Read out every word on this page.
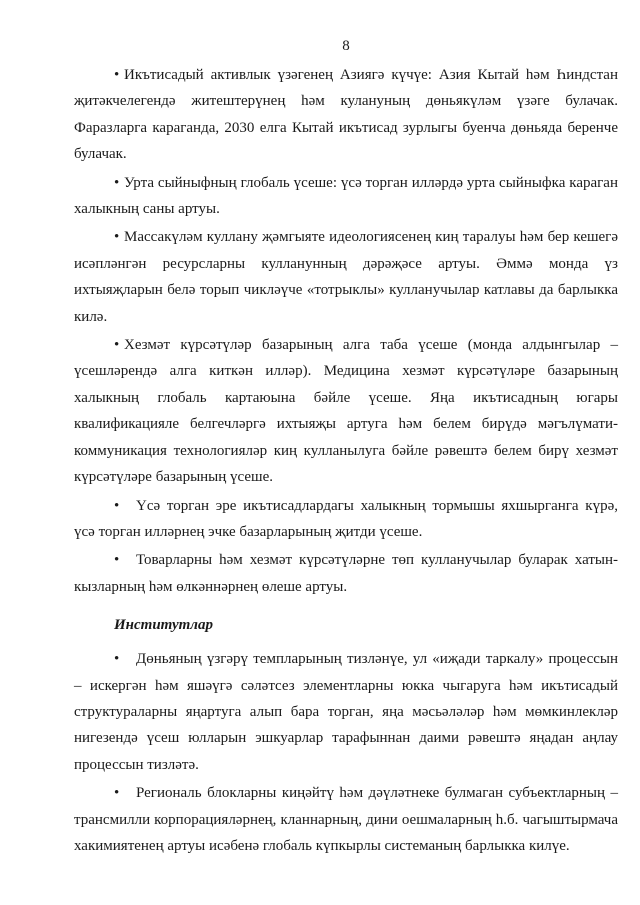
8

• Икътисадый активлык үзәгенең Азиягә күчүе: Азия Кытай һәм Һиндстан җитәкчелегендә житештерүнең һәм кулануның дөньякүләм үзәге булачак. Фаразларга караганда, 2030 елга Кытай икътисад зурлыгы буенча дөньяда беренче булачак.

• Урта сыйныфның глобаль үсеше: үсә торган илләрдә урта сыйныфка караган халыкның саны артуы.

• Массакүләм куллану җәмгыяте идеологиясенең киң таралуы һәм бер кешегә исәпләнгән ресурсларны кулланунның дәрәҗәсе артуы. Әммә монда үз ихтыяҗларын белә торып чикләүче «тотрыклы» кулланучылар катлавы да барлыкка килә.

• Хезмәт күрсәтүләр базарының алга таба үсеше (монда алдынгылар – үсешләрендә алга киткән илләр). Медицина хезмәт күрсәтүләре базарының халыкның глобаль картаюына бәйле үсеше. Яңа икътисадның югары квалификацияле белгечләргә ихтыяҗы артуга һәм белем бирүдә мәгълүмати-коммуникация технологияләр киң кулланылуга бәйле рәвештә белем бирү хезмәт күрсәтүләре базарының үсеше.

• Үсә торган эре икътисадлардагы халыкның тормышы яхшырганга күрә, үсә торган илләрнең эчке базарларының җитди үсеше.

• Товарларны һәм хезмәт күрсәтүләрне төп кулланучылар буларак хатын-кызларның һәм өлкәннәрнең өлеше артуы.

Институтлар

• Дөньяның үзгәрү темпларының тизләнүе, ул «иҗади таркалу» процессын – искергән һәм яшәүгә сәләтсез элементларны юкка чыгаруга һәм икътисадый структураларны яңартуга алып бара торган, яңа мәсьәләләр һәм мөмкинлекләр нигезендә үсеш юлларын эшкуарлар тарафыннан даими рәвештә яңадан аңлау процессын тизләтә.

• Региональ блокларны киңәйтү һәм дәүләтнеке булмаган субъектларның – трансмилли корпорацияләрнең, кланнарның, дини оешмаларның һ.б. чагыштырмача хакимиятенең артуы исәбенә глобаль күпкырлы системаның барлыкка килүе.
